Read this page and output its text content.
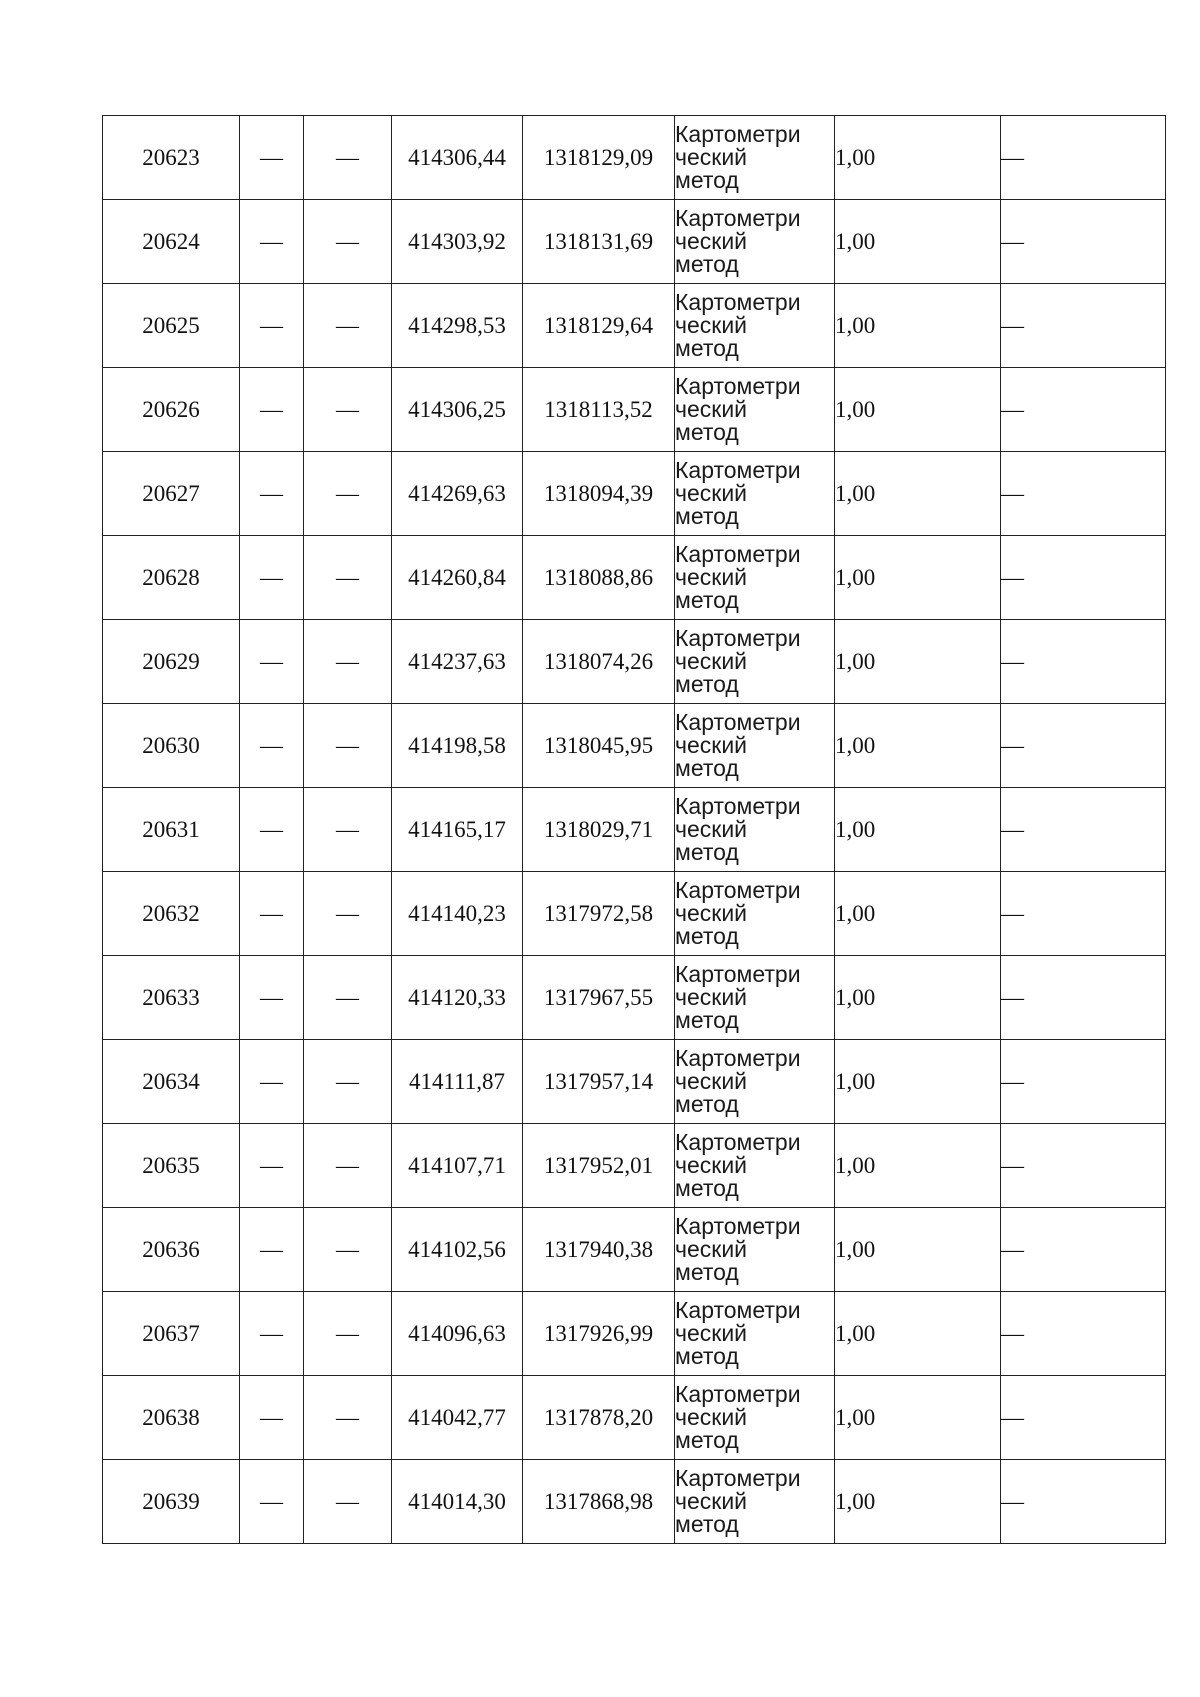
20623	—	—	414306,44	1318129,09	Картометри
ческий
метод	1,00	—
20624	—	—	414303,92	1318131,69	Картометри
ческий
метод	1,00	—
20625	—	—	414298,53	1318129,64	Картометри
ческий
метод	1,00	—
20626	—	—	414306,25	1318113,52	Картометри
ческий
метод	1,00	—
20627	—	—	414269,63	1318094,39	Картометри
ческий
метод	1,00	—
20628	—	—	414260,84	1318088,86	Картометри
ческий
метод	1,00	—
20629	—	—	414237,63	1318074,26	Картометри
ческий
метод	1,00	—
20630	—	—	414198,58	1318045,95	Картометри
ческий
метод	1,00	—
20631	—	—	414165,17	1318029,71	Картометри
ческий
метод	1,00	—
20632	—	—	414140,23	1317972,58	Картометри
ческий
метод	1,00	—
20633	—	—	414120,33	1317967,55	Картометри
ческий
метод	1,00	—
20634	—	—	414111,87	1317957,14	Картометри
ческий
метод	1,00	—
20635	—	—	414107,71	1317952,01	Картометри
ческий
метод	1,00	—
20636	—	—	414102,56	1317940,38	Картометри
ческий
метод	1,00	—
20637	—	—	414096,63	1317926,99	Картометри
ческий
метод	1,00	—
20638	—	—	414042,77	1317878,20	Картометри
ческий
метод	1,00	—
20639	—	—	414014,30	1317868,98	Картометри
ческий
метод	1,00	—
